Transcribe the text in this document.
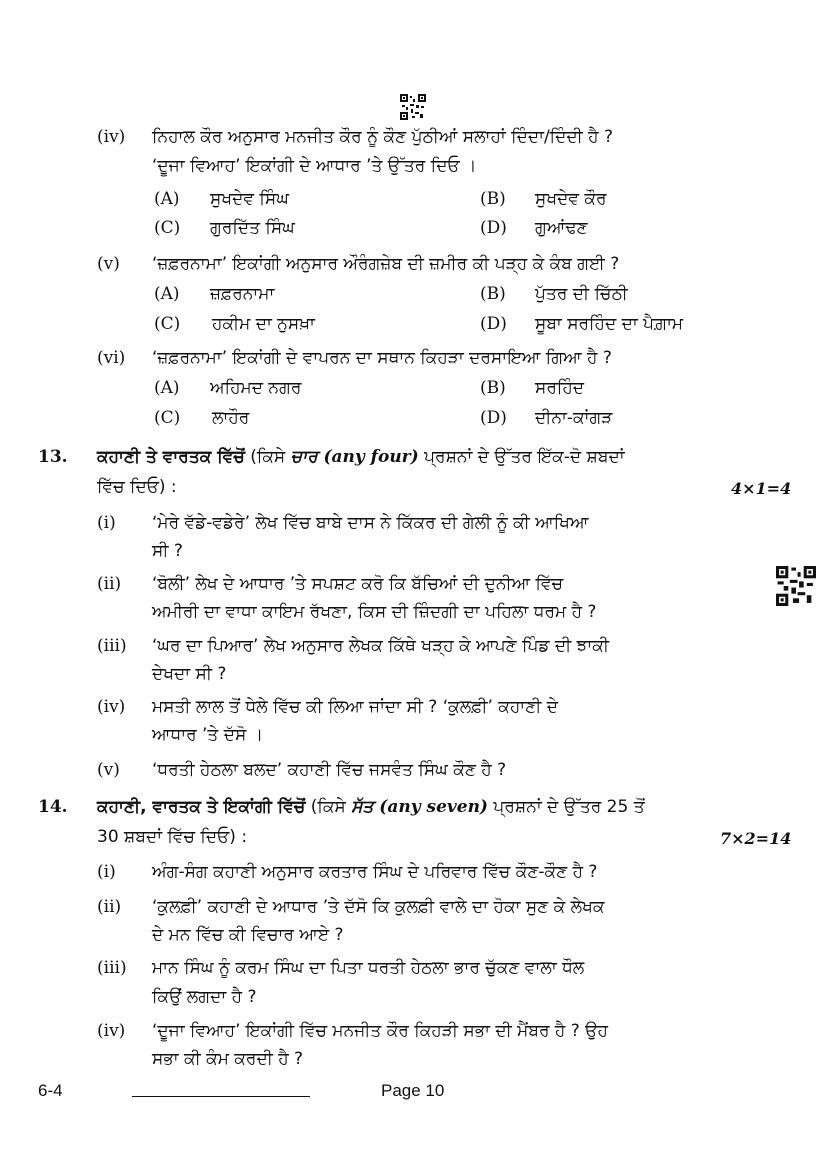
(iv) ਨਿਹਾਲ ਕੌਰ ਅਨੁਸਾਰ ਮਨਜੀਤ ਕੌਰ ਨੂੰ ਕੌਣ ਪੁੱਠੀਆਂ ਸਲਾਹਾਂ ਦਿੰਦਾ/ਦਿੰਦੀ ਹੈ ?
‘ਦੂਜਾ ਵਿਆਹ’ ਇਕਾਂਗੀ ਦੇ ਆਧਾਰ ’ਤੇ ਉੱਤਰ ਦਿਓ ।
(A) ਸੁਖਦੇਵ ਸਿੰਘ	(B) ਸੁਖਦੇਵ ਕੌਰ
(C) ਗੁਰਦਿੱਤ ਸਿੰਘ	(D) ਗੁਆਂਢਣ
(v) ‘ਜ਼ਫ਼ਰਨਾਮਾ’ ਇਕਾਂਗੀ ਅਨੁਸਾਰ ਔਰੰਗਜ਼ੇਬ ਦੀ ਜ਼ਮੀਰ ਕੀ ਪੜ੍ਹ ਕੇ ਕੰਬ ਗਈ ?
(A) ਜ਼ਫ਼ਰਨਾਮਾ	(B) ਪੁੱਤਰ ਦੀ ਚਿੱਠੀ
(C) ਹਕੀਮ ਦਾ ਨੁਸਖ਼ਾ	(D) ਸੂਬਾ ਸਰਹਿੰਦ ਦਾ ਪੈਗ਼ਾਮ
(vi) ‘ਜ਼ਫ਼ਰਨਾਮਾ’ ਇਕਾਂਗੀ ਦੇ ਵਾਪਰਨ ਦਾ ਸਥਾਨ ਕਿਹੜਾ ਦਰਸਾਇਆ ਗਿਆ ਹੈ ?
(A) ਅਹਿਮਦ ਨਗਰ	(B) ਸਰਹਿੰਦ
(C) ਲਾਹੌਰ	(D) ਦੀਨਾ-ਕਾਂਗੜ
13. ਕਹਾਣੀ ਤੇ ਵਾਰਤਕ ਵਿੱਚੋਂ (ਕਿਸੇ ਚਾਰ (any four) ਪ੍ਰਸ਼ਨਾਂ ਦੇ ਉੱਤਰ ਇੱਕ-ਦੋ ਸ਼ਬਦਾਂ
ਵਿੱਚ ਦਿਓ) :	4×1=4
(i) ‘ਮੇਰੇ ਵੱਡੇ-ਵਡੇਰੇ’ ਲੇਖ ਵਿੱਚ ਬਾਬੇ ਦਾਸ ਨੇ ਕਿੱਕਰ ਦੀ ਗੇਲੀ ਨੂੰ ਕੀ ਆਖਿਆ
ਸੀ ?
(ii) ‘ਬੋਲੀ’ ਲੇਖ ਦੇ ਆਧਾਰ ’ਤੇ ਸਪਸ਼ਟ ਕਰੋ ਕਿ ਬੱਚਿਆਂ ਦੀ ਦੁਨੀਆ ਵਿੱਚ
ਅਮੀਰੀ ਦਾ ਵਾਧਾ ਕਾਇਮ ਰੱਖਣਾ, ਕਿਸ ਦੀ ਜ਼ਿੰਦਗੀ ਦਾ ਪਹਿਲਾ ਧਰਮ ਹੈ ?
(iii) ‘ਘਰ ਦਾ ਪਿਆਰ’ ਲੇਖ ਅਨੁਸਾਰ ਲੇਖਕ ਕਿੱਥੇ ਖੜ੍ਹ ਕੇ ਆਪਣੇ ਪਿੰਡ ਦੀ ਝਾਕੀ
ਦੇਖਦਾ ਸੀ ?
(iv) ਮਸਤੀ ਲਾਲ ਤੋਂ ਧੇਲੇ ਵਿੱਚ ਕੀ ਲਿਆ ਜਾਂਦਾ ਸੀ ? ‘ਕੁਲਫ਼ੀ’ ਕਹਾਣੀ ਦੇ
ਆਧਾਰ ’ਤੇ ਦੱਸੋ ।
(v) ‘ਧਰਤੀ ਹੇਠਲਾ ਬਲਦ’ ਕਹਾਣੀ ਵਿੱਚ ਜਸਵੰਤ ਸਿੰਘ ਕੌਣ ਹੈ ?
14. ਕਹਾਣੀ, ਵਾਰਤਕ ਤੇ ਇਕਾਂਗੀ ਵਿੱਚੋਂ (ਕਿਸੇ ਸੱਤ (any seven) ਪ੍ਰਸ਼ਨਾਂ ਦੇ ਉੱਤਰ 25 ਤੋਂ
30 ਸ਼ਬਦਾਂ ਵਿੱਚ ਦਿਓ) :	7×2=14
(i) ਅੰਗ-ਸੰਗ ਕਹਾਣੀ ਅਨੁਸਾਰ ਕਰਤਾਰ ਸਿੰਘ ਦੇ ਪਰਿਵਾਰ ਵਿੱਚ ਕੌਣ-ਕੌਣ ਹੈ ?
(ii) ‘ਕੁਲਫ਼ੀ’ ਕਹਾਣੀ ਦੇ ਆਧਾਰ ’ਤੇ ਦੱਸੋ ਕਿ ਕੁਲਫ਼ੀ ਵਾਲੇ ਦਾ ਹੋਕਾ ਸੁਣ ਕੇ ਲੇਖਕ
ਦੇ ਮਨ ਵਿੱਚ ਕੀ ਵਿਚਾਰ ਆਏ ?
(iii) ਮਾਨ ਸਿੰਘ ਨੂੰ ਕਰਮ ਸਿੰਘ ਦਾ ਪਿਤਾ ਧਰਤੀ ਹੇਠਲਾ ਭਾਰ ਚੁੱਕਣ ਵਾਲਾ ਧੌਲ
ਕਿਉਂ ਲਗਦਾ ਹੈ ?
(iv) ‘ਦੂਜਾ ਵਿਆਹ’ ਇਕਾਂਗੀ ਵਿੱਚ ਮਨਜੀਤ ਕੌਰ ਕਿਹੜੀ ਸਭਾ ਦੀ ਮੈਂਬਰ ਹੈ ? ਉਹ
ਸਭਾ ਕੀ ਕੰਮ ਕਰਦੀ ਹੈ ?
6-4	Page 10
